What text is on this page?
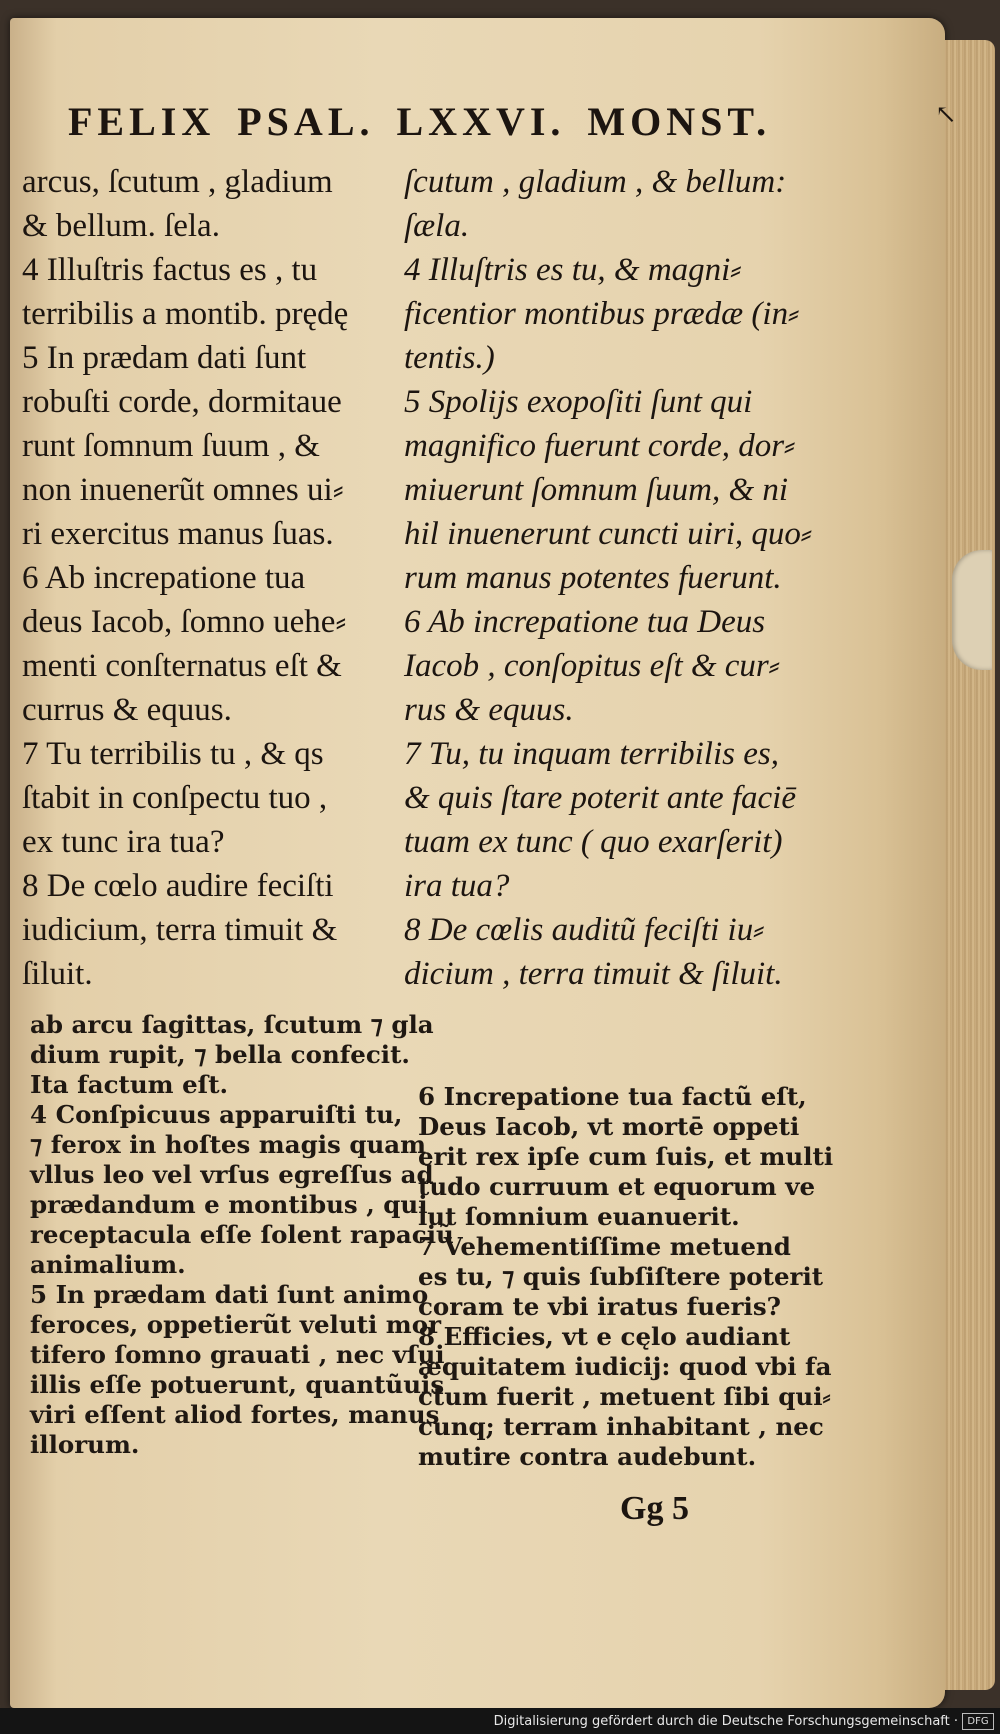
FELIX PSAL. LXXVI. MONST.	↖
arcus, ſcutum , gladium
& bellum. ſela.
4 Illuſtris factus es , tu
terribilis a montib. prędę
5 In prædam dati ſunt
robuſti corde, dormitaue
runt ſomnum ſuum , &
non inuenerũt omnes ui⸗
ri exercitus manus ſuas.
6 Ab increpatione tua
deus Iacob, ſomno uehe⸗
menti conſternatus eſt &
currus & equus.
7 Tu terribilis tu , & qs
ſtabit in conſpectu tuo ,
ex tunc ira tua?
8 De cœlo audire feciſti
iudicium, terra timuit &
ſiluit.
ſcutum , gladium , & bellum:
ſæla.
4 Illuſtris es tu, & magni⸗
ficentior montibus prædæ (in⸗
tentis.)
5 Spolijs exopoſiti ſunt qui
magnifico fuerunt corde, dor⸗
miuerunt ſomnum ſuum, & ni
hil inuenerunt cuncti uiri, quo⸗
rum manus potentes fuerunt.
6 Ab increpatione tua Deus
Iacob , conſopitus eſt & cur⸗
rus & equus.
7 Tu, tu inquam terribilis es,
& quis ſtare poterit ante faciē
tuam ex tunc ( quo exarſerit)
ira tua?
8 De cœlis auditũ feciſti iu⸗
dicium , terra timuit & ſiluit.
ab arcu ſagittas, ſcutum ⁊ gla
dium rupit, ⁊ bella confecit.
Ita factum eſt.
4 Conſpicuus apparuiſti tu,
⁊ ferox in hoſtes magis quam
vllus leo vel vrſus egreſſus ad
prædandum e montibus , qui
receptacula eſſe ſolent rapaciũ
animalium.
5 In prædam dati ſunt animo
feroces, oppetierũt veluti mor
tifero ſomno grauati , nec vſui
illis eſſe potuerunt, quantũuis
viri eſſent aliod fortes, manus
illorum.
6 Increpatione tua factũ eſt,
Deus Iacob, vt mortē oppeti
erit rex ipſe cum ſuis, et multi
tudo curruum et equorum ve
lut ſomnium euanuerit.
7 Vehementiſſime metuend
es tu, ⁊ quis ſubſiſtere poterit
coram te vbi iratus fueris?
8 Efficies, vt e cęlo audiant
æquitatem iudicij: quod vbi fa
ctum fuerit , metuent ſibi qui⸗
cunq; terram inhabitant , nec
mutire contra audebunt.
Gg 5
Digitalisierung gefördert durch die Deutsche Forschungsgemeinschaft · DFG
